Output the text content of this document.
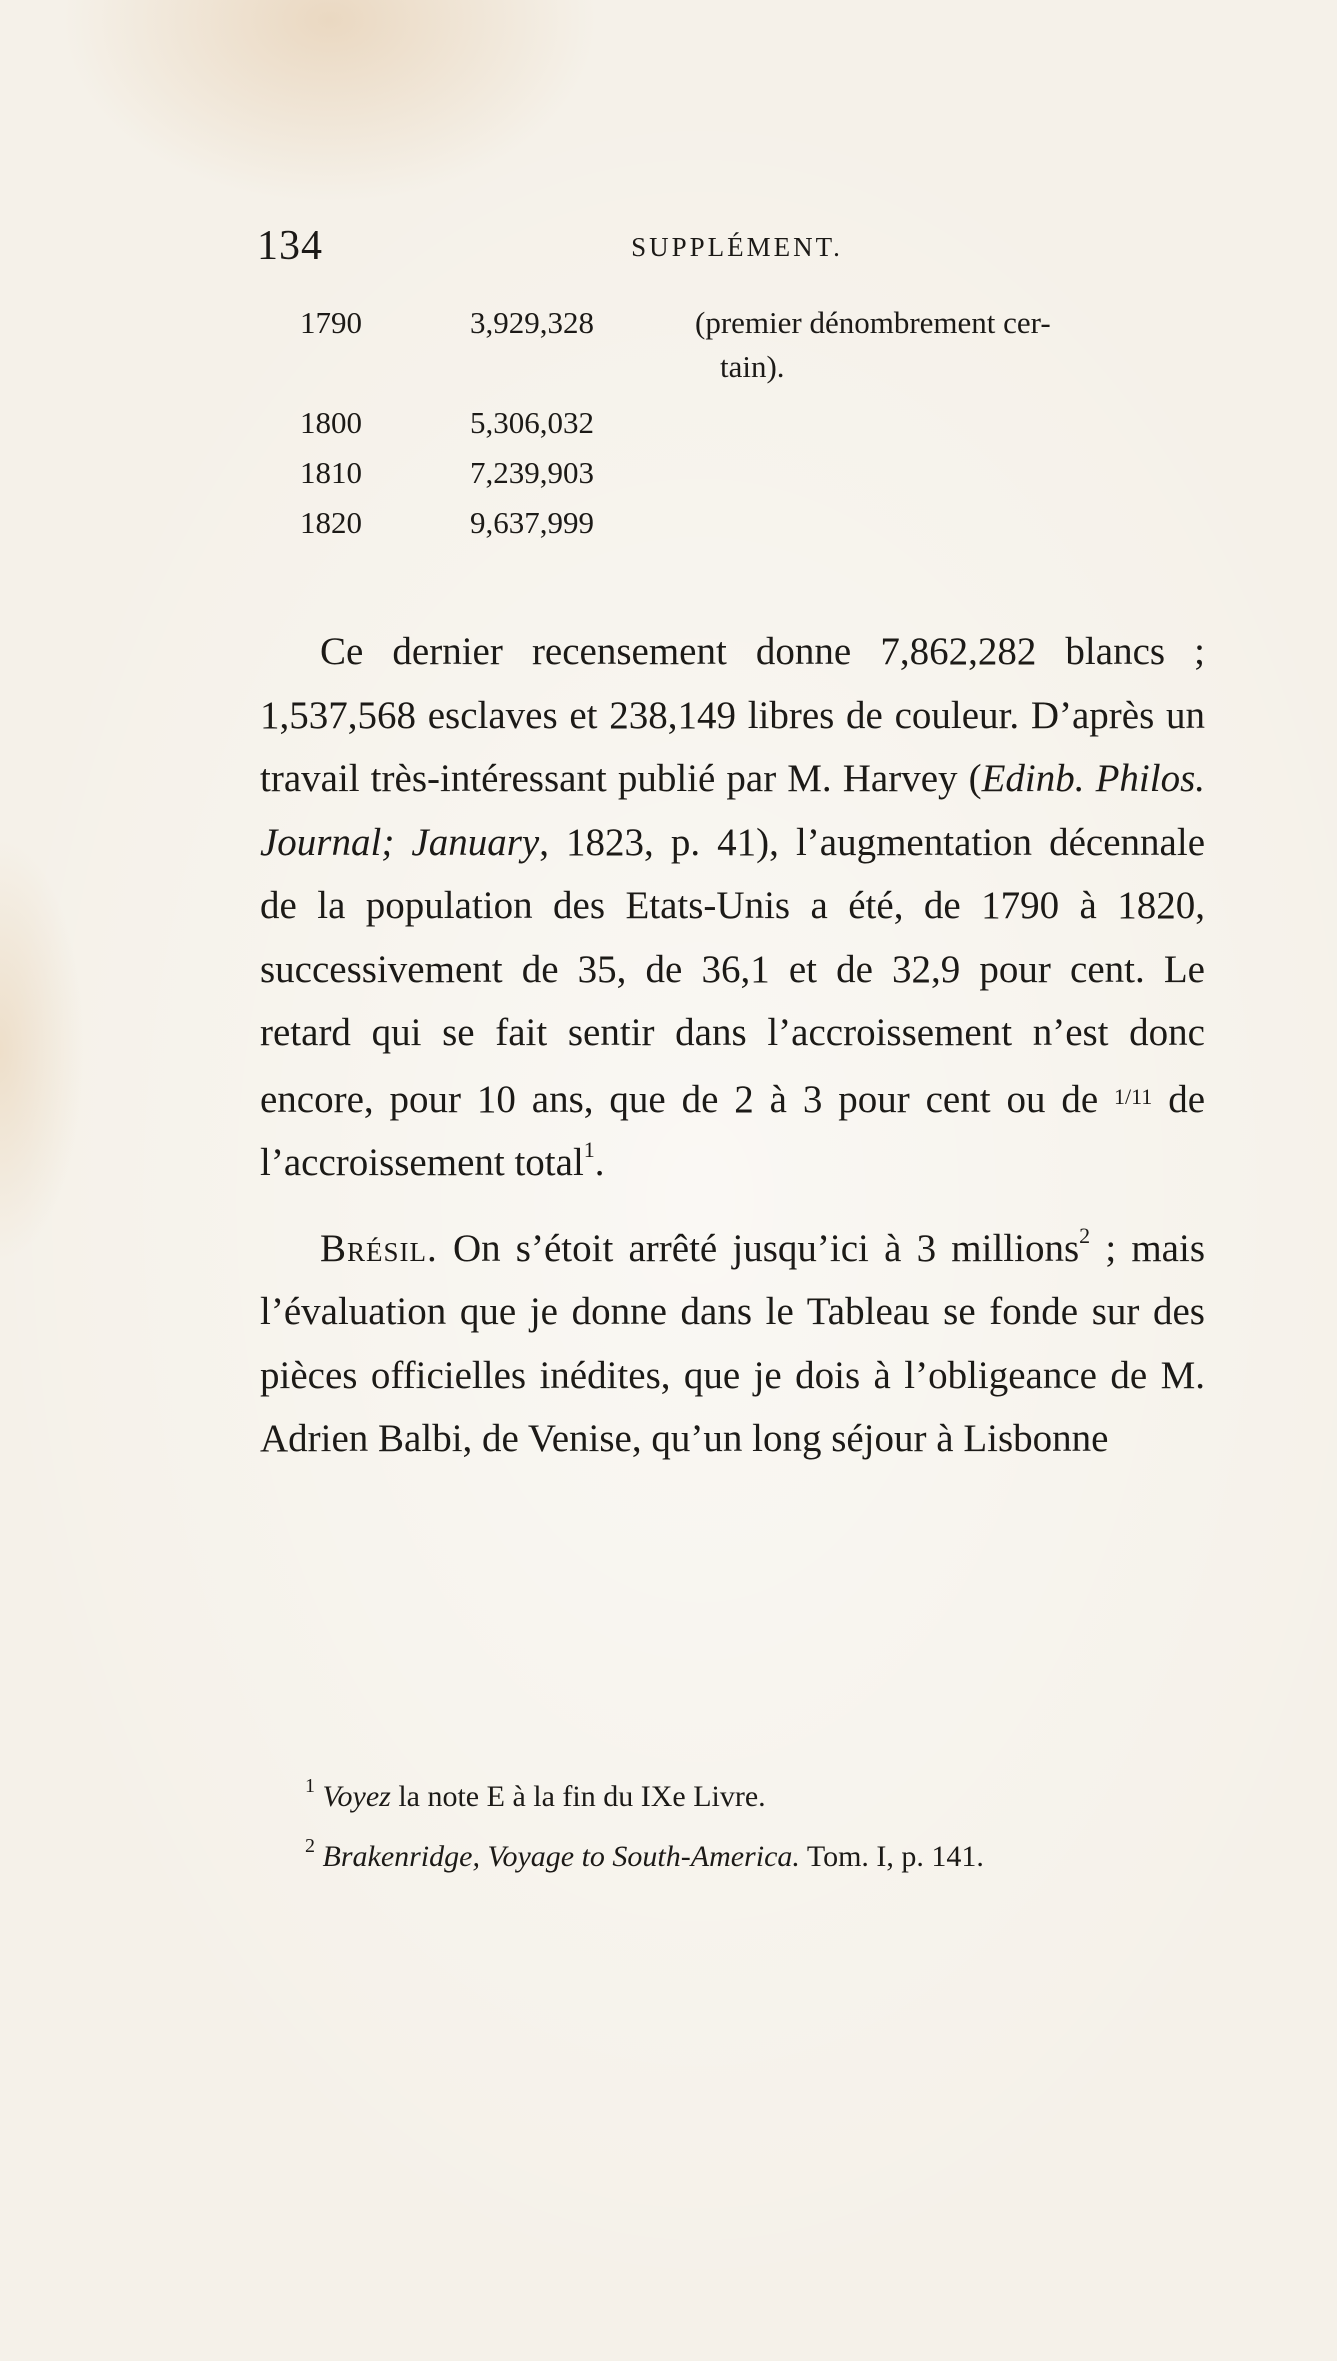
134	SUPPLÉMENT.
1790	3,929,328	(premier dénombrement cer-
tain).
1800	5,306,032
1810	7,239,903
1820	9,637,999

Ce dernier recensement donne 7,862,282 blancs ; 1,537,568 esclaves et 238,149 libres de couleur. D’après un travail très-intéressant publié par M. Harvey (Edinb. Philos. Journal; January, 1823, p. 41), l’augmentation décennale de la population des Etats-Unis a été, de 1790 à 1820, successivement de 35, de 36,1 et de 32,9 pour cent. Le retard qui se fait sentir dans l’accroissement n’est donc encore, pour 10 ans, que de 2 à 3 pour cent ou de $^{1/11}$ de l’accroissement total$^1$.

Brésil. On s’étoit arrêté jusqu’ici à 3 millions$^2$ ; mais l’évaluation que je donne dans le Tableau se fonde sur des pièces officielles inédites, que je dois à l’obligeance de M. Adrien Balbi, de Venise, qu’un long séjour à Lisbonne

$^1$ Voyez la note E à la fin du IXe Livre.

$^2$ Brakenridge, Voyage to South-America. Tom. I, p. 141.
